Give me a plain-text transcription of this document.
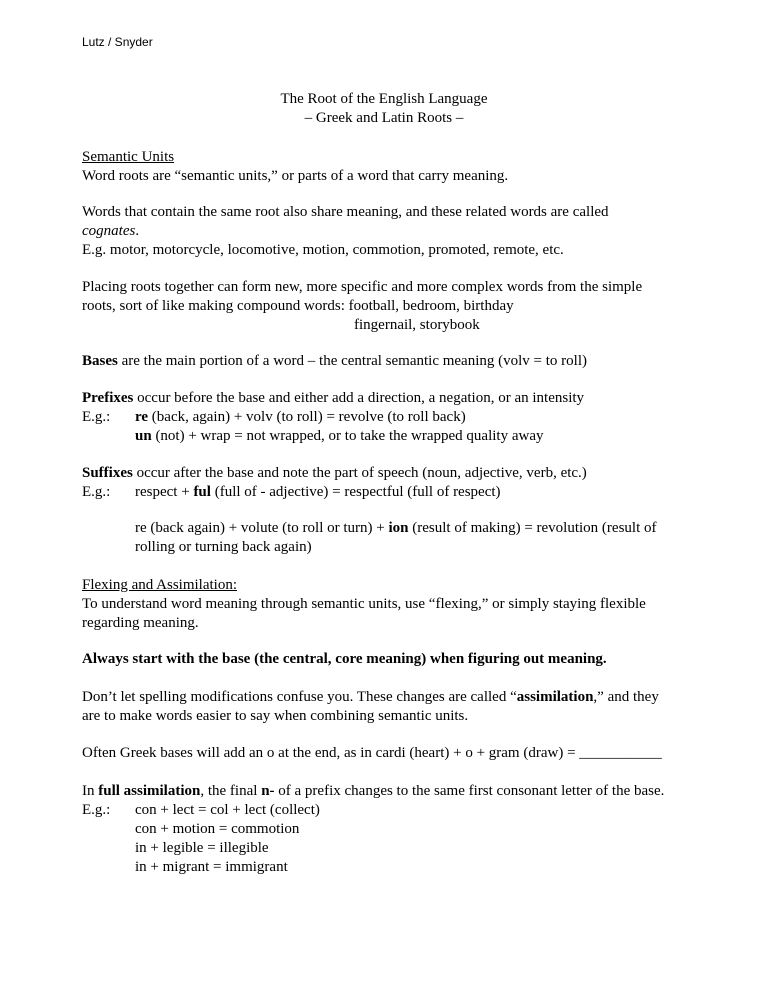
Lutz / Snyder
The Root of the English Language
– Greek and Latin Roots –
Semantic Units
Word roots are “semantic units,” or parts of a word that carry meaning.
Words that contain the same root also share meaning, and these related words are called
cognates.
E.g. motor, motorcycle, locomotive, motion, commotion, promoted, remote, etc.
Placing roots together can form new, more specific and more complex words from the simple
roots, sort of like making compound words: football, bedroom, birthday
fingernail, storybook
Bases are the main portion of a word – the central semantic meaning (volv = to roll)
Prefixes occur before the base and either add a direction, a negation, or an intensity
E.g.: re (back, again) + volv (to roll) = revolve (to roll back)
un (not) + wrap = not wrapped, or to take the wrapped quality away
Suffixes occur after the base and note the part of speech (noun, adjective, verb, etc.)
E.g.: respect + ful (full of - adjective) = respectful (full of respect)
re (back again) + volute (to roll or turn) + ion (result of making) = revolution (result of
rolling or turning back again)
Flexing and Assimilation:
To understand word meaning through semantic units, use “flexing,” or simply staying flexible
regarding meaning.
Always start with the base (the central, core meaning) when figuring out meaning.
Don’t let spelling modifications confuse you. These changes are called “assimilation,” and they
are to make words easier to say when combining semantic units.
Often Greek bases will add an o at the end, as in cardi (heart) + o + gram (draw) = ___________
In full assimilation, the final n- of a prefix changes to the same first consonant letter of the base.
E.g.: con + lect = col + lect (collect)
con + motion = commotion
in + legible = illegible
in + migrant = immigrant
